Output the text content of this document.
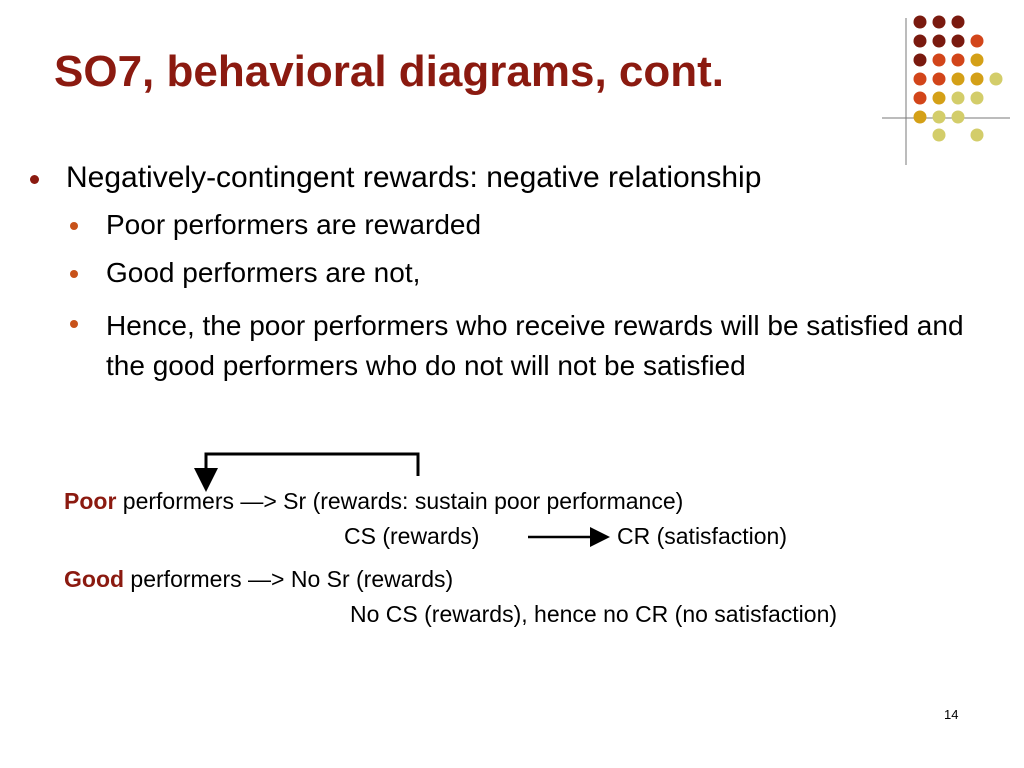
SO7, behavioral diagrams, cont.
Negatively-contingent rewards: negative relationship
Poor performers are rewarded
Good performers are not,
Hence, the poor performers who receive rewards will be satisfied and the good performers who do not will not be satisfied
Poor performers —> Sr (rewards: sustain poor performance)
CS (rewards)	CR (satisfaction)
Good performers —> No Sr (rewards)
No CS (rewards), hence no CR (no satisfaction)
14
